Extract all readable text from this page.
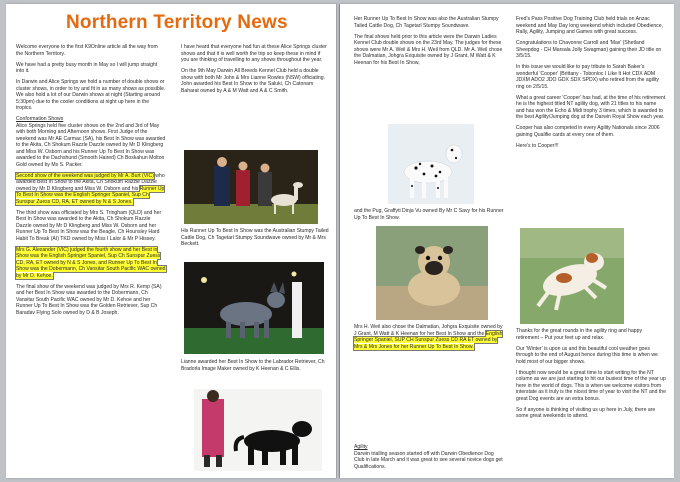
Northern Territory News

Welcome everyone to the first K9Online article all the way from the Northern Territory.

We have had a pretty busy month in May so I will jump straight into it.

In Darwin and Alice Springs we hold a number of double shows or cluster shows, in order to try and fit in as many shows as possible. We also hold a lot of our Darwin shows at night (Starting around 5:30pm) due to the cooler conditions at night up here in the tropics.

Conformation Shows

Alice Springs held five cluster shows on the 2nd and 3rd of May with both Morning and Afternoon shows. First Judge of the weekend was Mr AE Carmac (SA), his Best In Show was awarded to the Akita, Ch Shokum Razzle Dazzle owned by Mr D Klingberg and Miss W. Osborn and his Runner Up To Best In Show was awarded to the Dachshund (Smooth Haired) Ch Boskahun Molton Gold owned by Ms S. Packer.

Second show of the weekend was judged by Mr A. Burt (VIC) who awarded Best In Show to the Akita, Ch Shokum Razzle Dazzle owned by Mr D Klingberg and Miss W. Osborn and his Runner Up To Best In Show was the English Springer Spaniel, Sup Ch Sunspur Zuess CD, RA, ET owned by N & S Jones.

The third show was officiated by Mrs S. Tringham (QLD) and her Best In Show was awarded to the Akita, Ch Shokum Razzle Dazzle owned by Mr D Klingberg and Miss W. Osborn and her Runner Up To Best In Show was the Beagle, Ch Hounsley Hard Habit To Break (AI) TKD owned by Miss I Lalor & Mr P Hissey.

Mrs G. Alexander (VIC) judged the fourth show and her Best in Show was the English Springer Spaniel, Sup Ch Sunspur Zuess CD, RA, ET owned by N & S Jones, and Runner Up To Best In Show was the Dobermann, Ch Vansitar South Pacific WAC owned by Mr D. Kehoe.

The final show of the weekend was judged by Mrs R. Kemp (SA) and her Best In Show was awarded to the Dobermann, Ch Vansitar South Pacific WAC owned by Mr D. Kehoe and her Runner Up To Best In Show was the Golden Retriever, Sup Ch Baradav Flying Solo owned by D & B Joseph.

I have heard that everyone had fun at these Alice Springs cluster shows and that it is well worth the trip so keep these in mind if you are thinking of travelling to any shows throughout the year.

On the 9th May Darwin All Breeds Kennel Club held a double show with both Mr John & Mrs Lianne Rowles (NSW) officiating. John awarded his Best In Show to the Saluki, Ch Catonam Baharat owned by A & M Watt and A & C Smith.

His Runner Up To Best In Show was the Australian Stumpy Tailed Cattle Dog, Ch Tagetarl Stumpy Soundwave owned by Mr & Mrs Beckett.

Lianne awarded her Best In Show to the Labrador Retriever, Ch Bradorla Image Maker owned by K Heenan & C Ellis.

Her Runner Up To Best In Show was also the Australian Stumpy Tailed Cattle Dog, Ch Tagetarl Stumpy Soundwave.

The final shows held prior to this article were the Darwin Ladies Kennel Club double shows on the 23rd May. The judges for these shows were Mr A. Weil & Mrs H. Weil from QLD. Mr A. Weil chose the Dalmatian, Johgra Exquisite owned by J Grant, M Watt & K Heenan for his Best In Show,

and the Pug, Graffyti Dinja Vu owned By Mr C Savy for his Runner Up To Best In Show.

Mrs H. Weil also chose the Dalmatian, Johgra Exquisite owned by J Grant, M Watt & K Heenan for her Best In Show and the English Springer Spaniel, SUP CH Sunspur Zuess CD RA ET owned by Mrs & Mrs Jones for her Runner Up To Best In Show.

Agility

Darwin trialling season started off with Darwin Obedience Dog Club in late March and it was great to see several novice dogs get Qualifications.

Fred's Pass Positive Dog Training Club held trials on Anzac weekend and May Day long weekend which included Obedience, Rally, Agility, Jumping and Games with great success.

Congratulations to Chavonne Carroll and 'Max' (Shetland Sheepdog - CH Marsala Jolly Swagman) gaining their JD title on 3/5/15.

In this issue we would like to pay tribute to Sarah Baker's wonderful 'Cooper' (Brittany - Tobonloc I Like It Hot CDX ADM JDXM ADO2 JDO GDX SDX SPDX) who retired from the agility ring on 2/5/15.

What a great career 'Cooper' has had, at the time of his retirement he is the highest titled NT agility dog, with 21 titles to his name and has won the Echo & Midi trophy 3 times, which is awarded to the best Agility/Jumping dog at the Darwin Royal Show each year.

Cooper has also competed in every Agility Nationals since 2006 gaining Qualifie cards at every one of them.

Here's to Cooper!!!

Thanks for the great rounds in the agility ring and happy retirement – Put your feet up and relax.

Our 'Winter' is upon us and this beautiful cool weather goes through to the end of August hence during this time is when we hold most of our bigger shows.

I thought now would be a great time to start writing for the NT column as we are just starting to hit our busiest time of the year up here in the world of dogs. This is when we welcome visitors from interstate as it truly is the nicest time of year to visit the NT and the great Dog events are an extra bonus.

So if anyone is thinking of visiting us up here in July, there are some great weekends to attend.
